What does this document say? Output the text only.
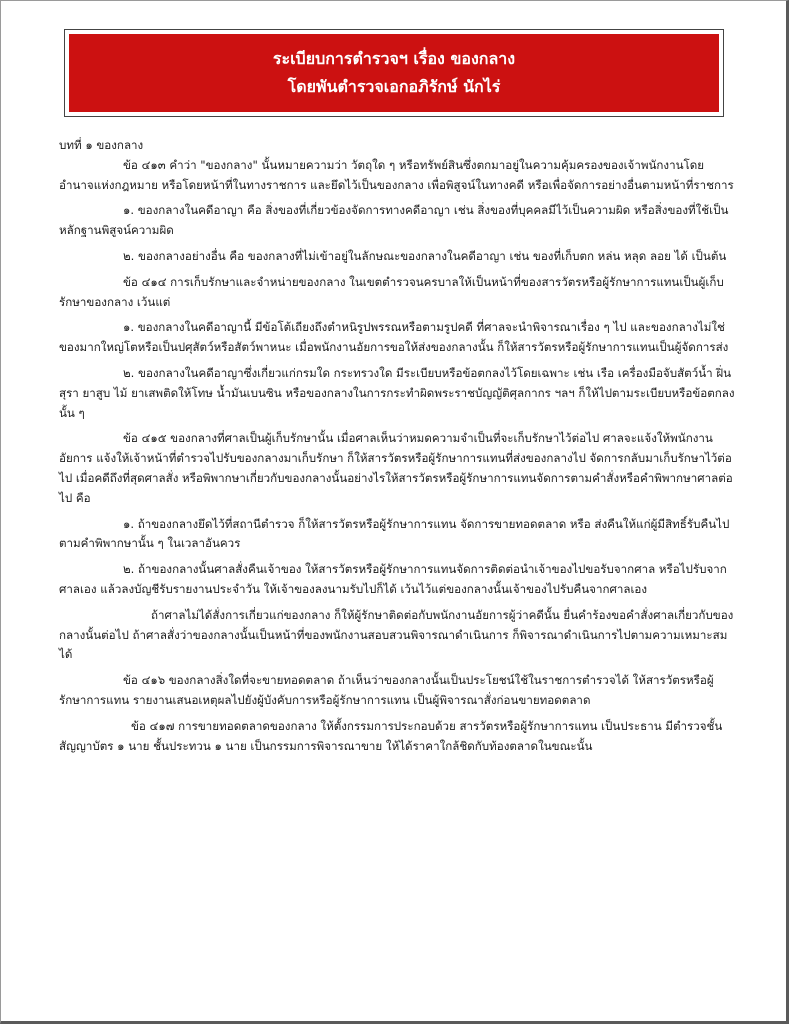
ระเบียบการตำรวจฯ เรื่อง ของกลาง
โดยพันตำรวจเอกอภิรักษ์ นักไร่

บทที่ ๑ ของกลาง

ข้อ ๔๑๓ คำว่า "ของกลาง" นั้นหมายความว่า วัตถุใด ๆ หรือทรัพย์สินซึ่งตกมาอยู่ในความคุ้มครองของเจ้าพนักงานโดยอำนาจแห่งกฎหมาย หรือโดยหน้าที่ในทางราชการ และยึดไว้เป็นของกลาง เพื่อพิสูจน์ในทางคดี หรือเพื่อจัดการอย่างอื่นตามหน้าที่ราชการ

๑. ของกลางในคดีอาญา คือ สิ่งของที่เกี่ยวข้องจัดการทางคดีอาญา เช่น สิ่งของที่บุคคลมีไว้เป็นความผิด หรือสิ่งของที่ใช้เป็นหลักฐานพิสูจน์ความผิด

๒. ของกลางอย่างอื่น คือ ของกลางที่ไม่เข้าอยู่ในลักษณะของกลางในคดีอาญา เช่น ของที่เก็บตก หล่น หลุด ลอย ได้ เป็นต้น

ข้อ ๔๑๔ การเก็บรักษาและจำหน่ายของกลาง ในเขตตำรวจนครบาลให้เป็นหน้าที่ของสารวัตรหรือผู้รักษาการแทนเป็นผู้เก็บรักษาของกลาง เว้นแต่

๑. ของกลางในคดีอาญานี้ มีข้อโต้เถียงถึงตำหนิรูปพรรณหรือตามรูปคดี ที่ศาลจะนำพิจารณาเรื่อง ๆ ไป และของกลางไม่ใช่ของมากใหญ่โตหรือเป็นปศุสัตว์หรือสัตว์พาหนะ เมื่อพนักงานอัยการขอให้ส่งของกลางนั้น ก็ให้สารวัตรหรือผู้รักษาการแทนเป็นผู้จัดการส่ง

๒. ของกลางในคดีอาญาซึ่งเกี่ยวแก่กรมใด กระทรวงใด มีระเบียบหรือข้อตกลงไว้โดยเฉพาะ เช่น เรือ เครื่องมือจับสัตว์น้ำ ฝิ่น สุรา ยาสูบ ไม้ ยาเสพติดให้โทษ น้ำมันเบนซิน หรือของกลางในการกระทำผิดพระราชบัญญัติศุลกากร ฯลฯ ก็ให้ไปตามระเบียบหรือข้อตกลงนั้น ๆ

ข้อ ๔๑๕ ของกลางที่ศาลเป็นผู้เก็บรักษานั้น เมื่อศาลเห็นว่าหมดความจำเป็นที่จะเก็บรักษาไว้ต่อไป ศาลจะแจ้งให้พนักงานอัยการ แจ้งให้เจ้าหน้าที่ตำรวจไปรับของกลางมาเก็บรักษา ก็ให้สารวัตรหรือผู้รักษาการแทนที่ส่งของกลางไป จัดการกลับมาเก็บรักษาไว้ต่อไป เมื่อคดีถึงที่สุดศาลสั่ง หรือพิพากษาเกี่ยวกับของกลางนั้นอย่างไรให้สารวัตรหรือผู้รักษาการแทนจัดการตามคำสั่งหรือคำพิพากษาศาลต่อไป คือ

๑. ถ้าของกลางยึดไว้ที่สถานีตำรวจ ก็ให้สารวัตรหรือผู้รักษาการแทน จัดการขายทอดตลาด หรือ ส่งคืนให้แก่ผู้มีสิทธิ์รับคืนไป ตามคำพิพากษานั้น ๆ ในเวลาอันควร

๒. ถ้าของกลางนั้นศาลสั่งคืนเจ้าของ ให้สารวัตรหรือผู้รักษาการแทนจัดการติดต่อนำเจ้าของไปขอรับจากศาล หรือไปรับจากศาลเอง แล้วลงบัญชีรับรายงานประจำวัน ให้เจ้าของลงนามรับไปก็ได้ เว้นไว้แต่ของกลางนั้นเจ้าของไปรับคืนจากศาลเอง

ถ้าศาลไม่ได้สั่งการเกี่ยวแก่ของกลาง ก็ให้ผู้รักษาติดต่อกับพนักงานอัยการผู้ว่าคดีนั้น ยื่นคำร้องขอคำสั่งศาลเกี่ยวกับของกลางนั้นต่อไป ถ้าศาลสั่งว่าของกลางนั้นเป็นหน้าที่ของพนักงานสอบสวนพิจารณาดำเนินการ ก็พิจารณาดำเนินการไปตามความเหมาะสมได้

ข้อ ๔๑๖ ของกลางสิ่งใดที่จะขายทอดตลาด ถ้าเห็นว่าของกลางนั้นเป็นประโยชน์ใช้ในราชการตำรวจได้ ให้สารวัตรหรือผู้รักษาการแทน รายงานเสนอเหตุผลไปยังผู้บังคับการหรือผู้รักษาการแทน เป็นผู้พิจารณาสั่งก่อนขายทอดตลาด

ข้อ ๔๑๗ การขายทอดตลาดของกลาง ให้ตั้งกรรมการประกอบด้วย สารวัตรหรือผู้รักษาการแทน เป็นประธาน มีตำรวจชั้นสัญญาบัตร ๑ นาย ชั้นประทวน ๑ นาย เป็นกรรมการพิจารณาขาย ให้ได้ราคาใกล้ชิดกับท้องตลาดในขณะนั้น
